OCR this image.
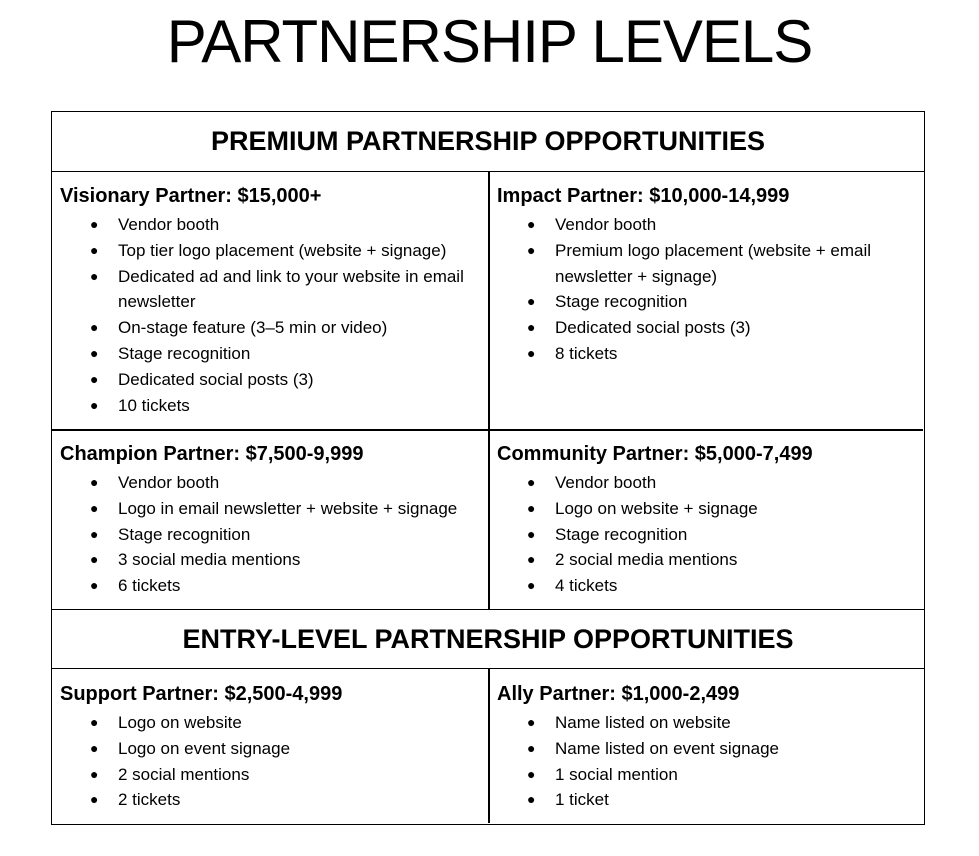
PARTNERSHIP LEVELS
PREMIUM PARTNERSHIP OPPORTUNITIES
Visionary Partner: $15,000+
● Vendor booth
● Top tier logo placement (website + signage)
● Dedicated ad and link to your website in email newsletter
● On-stage feature (3–5 min or video)
● Stage recognition
● Dedicated social posts (3)
● 10 tickets
Impact Partner: $10,000-14,999
● Vendor booth
● Premium logo placement (website + email newsletter + signage)
● Stage recognition
● Dedicated social posts (3)
● 8 tickets
Champion Partner: $7,500-9,999
● Vendor booth
● Logo in email newsletter + website + signage
● Stage recognition
● 3 social media mentions
● 6 tickets
Community Partner: $5,000-7,499
● Vendor booth
● Logo on website + signage
● Stage recognition
● 2 social media mentions
● 4 tickets
ENTRY-LEVEL PARTNERSHIP OPPORTUNITIES
Support Partner: $2,500-4,999
● Logo on website
● Logo on event signage
● 2 social mentions
● 2 tickets
Ally Partner: $1,000-2,499
● Name listed on website
● Name listed on event signage
● 1 social mention
● 1 ticket
